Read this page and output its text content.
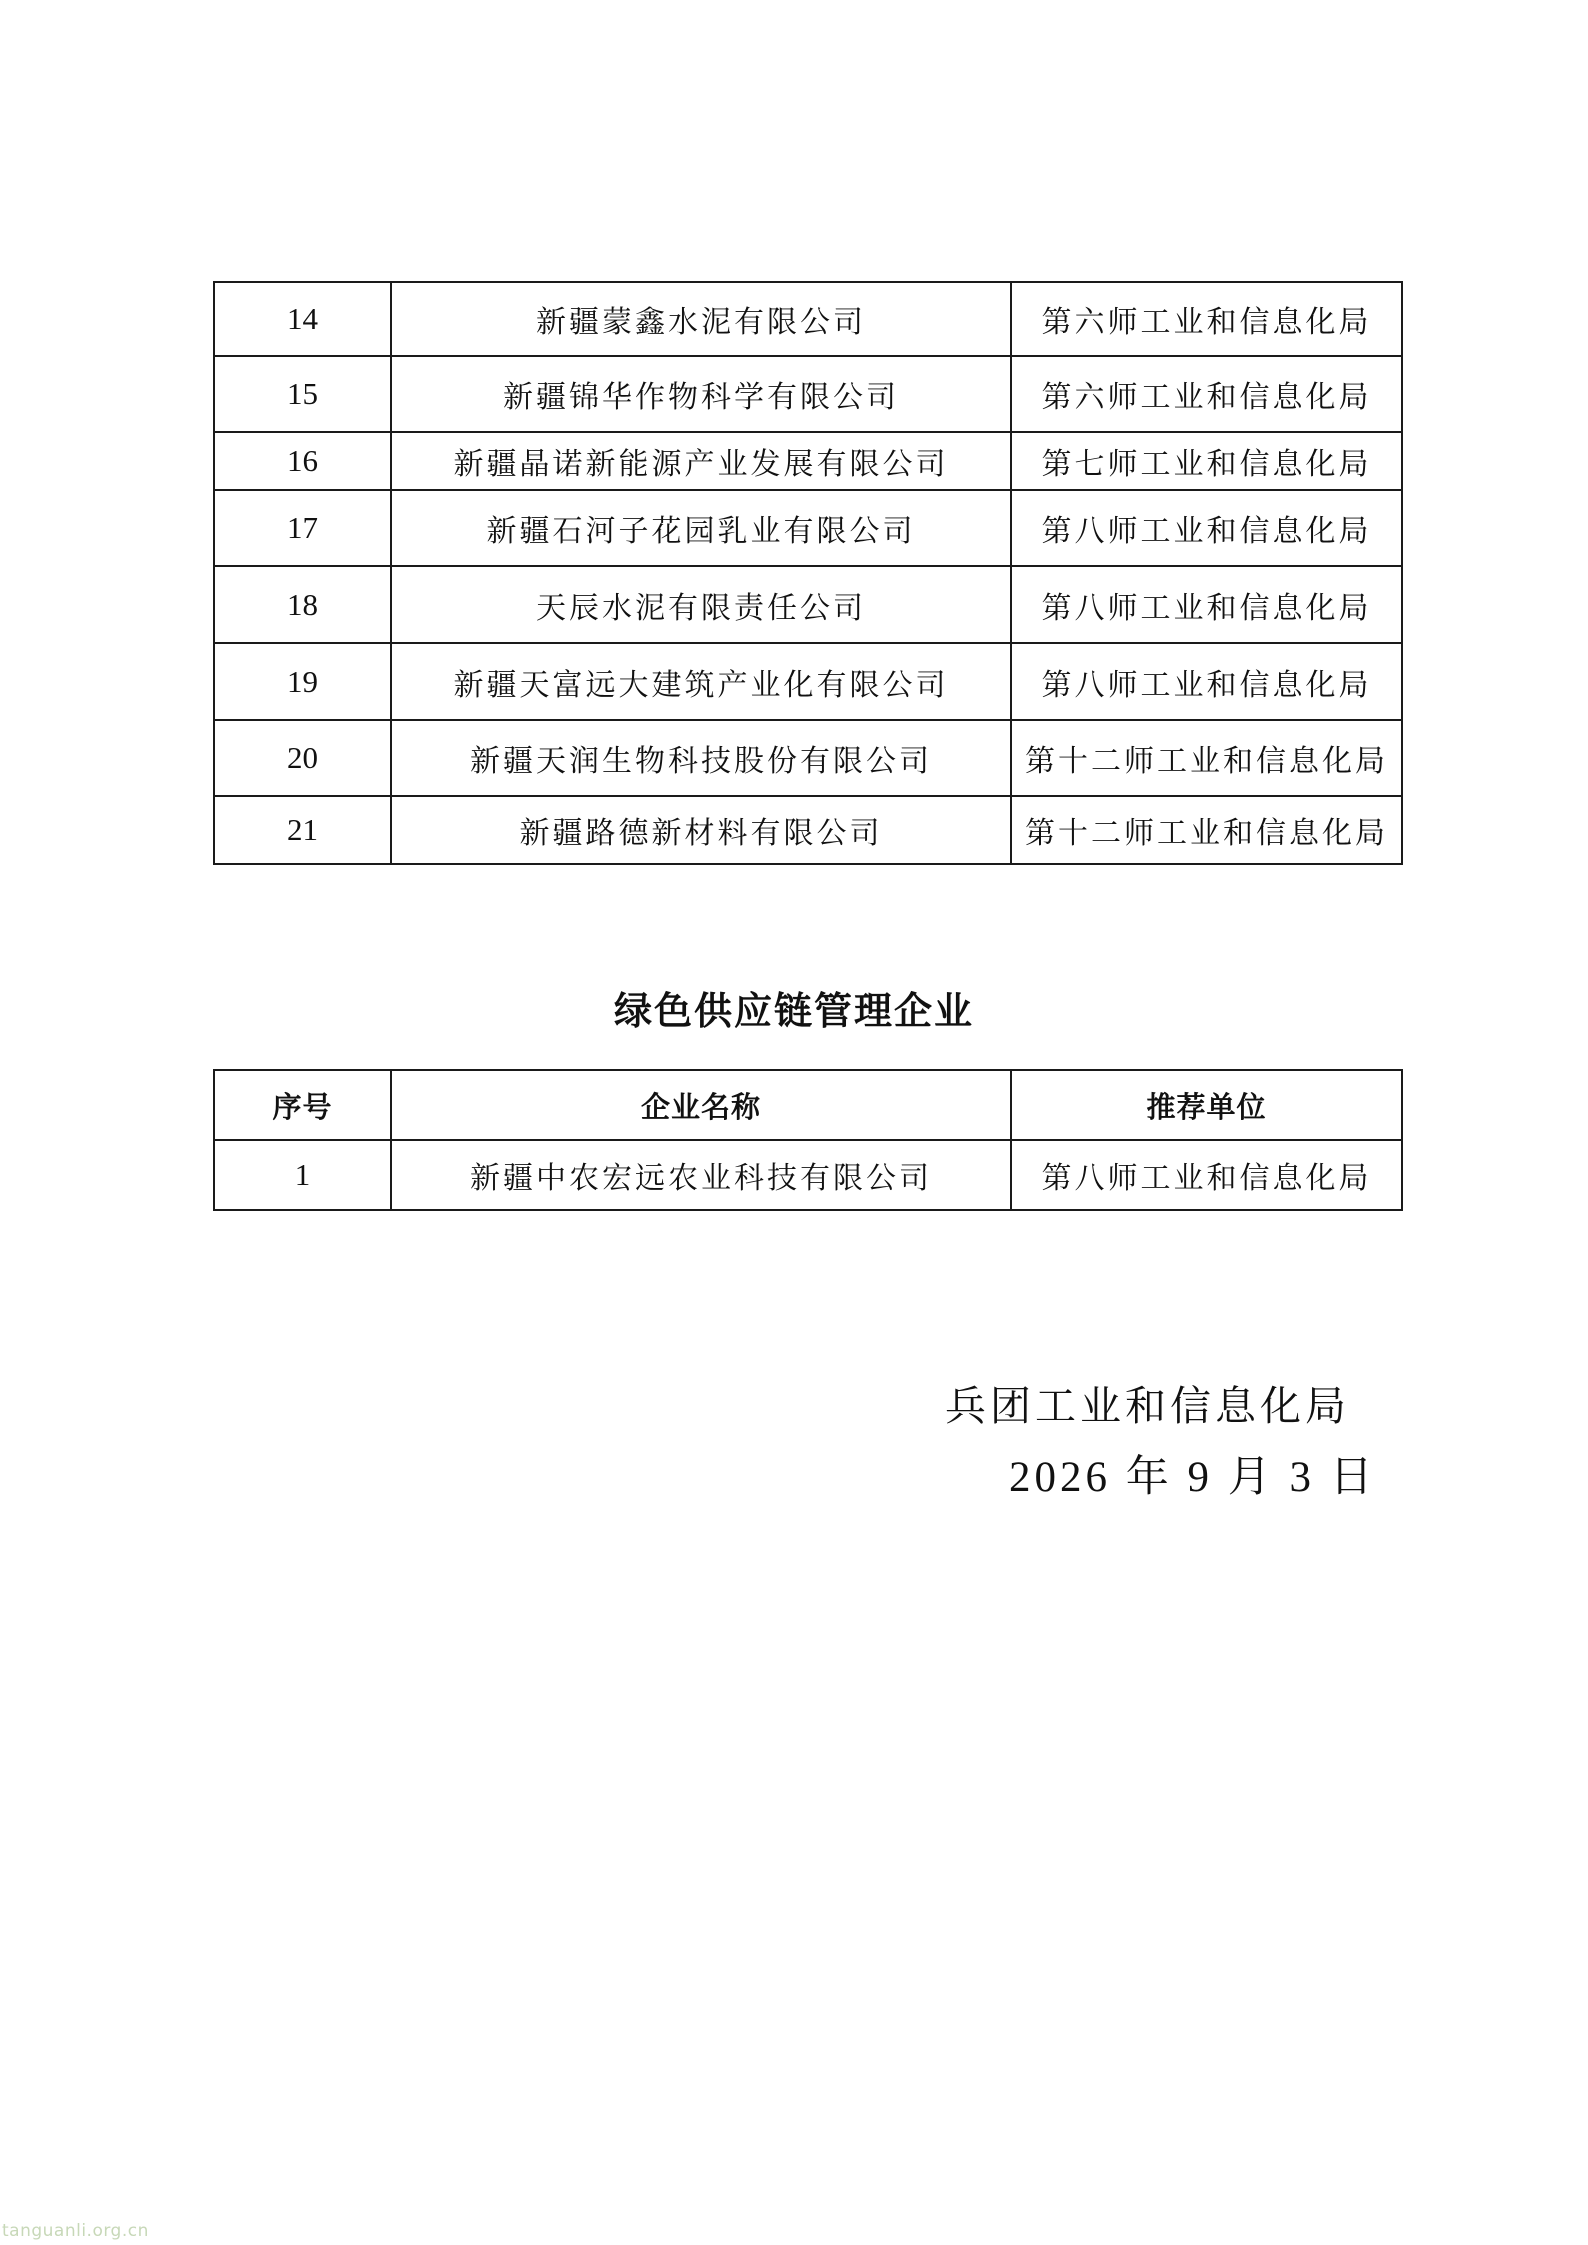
14	新疆蒙鑫水泥有限公司	第六师工业和信息化局
15	新疆锦华作物科学有限公司	第六师工业和信息化局
16	新疆晶诺新能源产业发展有限公司	第七师工业和信息化局
17	新疆石河子花园乳业有限公司	第八师工业和信息化局
18	天辰水泥有限责任公司	第八师工业和信息化局
19	新疆天富远大建筑产业化有限公司	第八师工业和信息化局
20	新疆天润生物科技股份有限公司	第十二师工业和信息化局
21	新疆路德新材料有限公司	第十二师工业和信息化局
绿色供应链管理企业
序号	企业名称	推荐单位
1	新疆中农宏远农业科技有限公司	第八师工业和信息化局
兵团工业和信息化局
2026 年 9 月 3 日
tanguanli.org.cn
